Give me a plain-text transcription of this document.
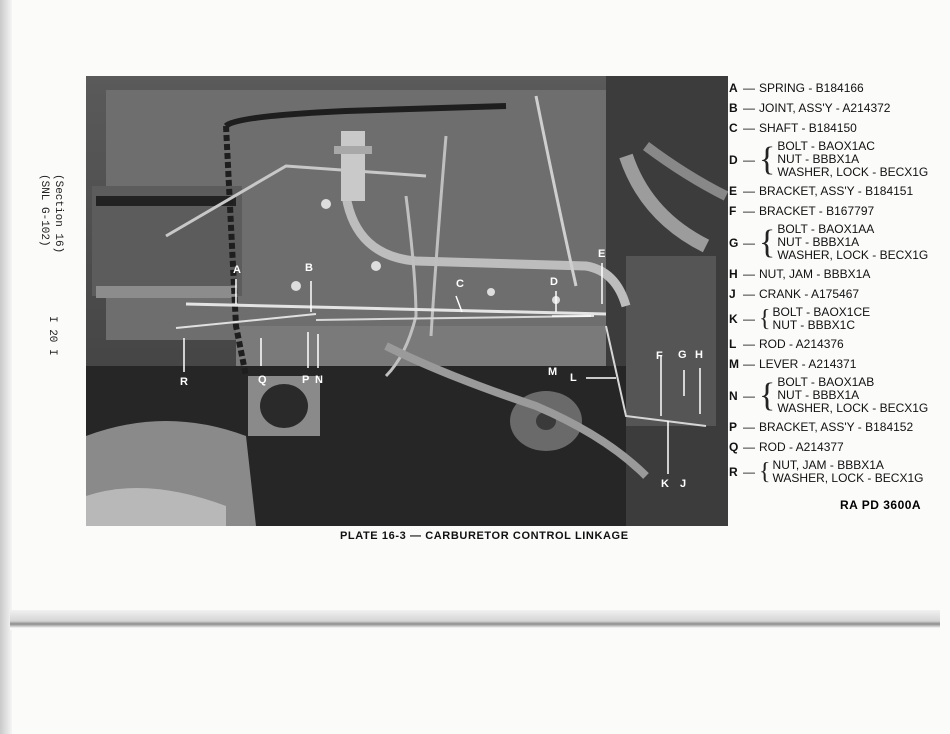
(Section 16)
(SNL G-102)
I 20 I
A	B
C	D
E
F G H
J
K
L
M
N
P
Q
R
A — SPRING - B184166
B — JOINT, ASS'Y - A214372
C — SHAFT - B184150
D — { BOLT - BAOX1AC
NUT - BBBX1A
WASHER, LOCK - BECX1G
E — BRACKET, ASS'Y - B184151
F — BRACKET - B167797
G — { BOLT - BAOX1AA
NUT - BBBX1A
WASHER, LOCK - BECX1G
H — NUT, JAM - BBBX1A
J — CRANK - A175467
K — { BOLT - BAOX1CE
NUT - BBBX1C
L — ROD - A214376
M — LEVER - A214371
N — { BOLT - BAOX1AB
NUT - BBBX1A
WASHER, LOCK - BECX1G
P — BRACKET, ASS'Y - B184152
Q — ROD - A214377
R — { NUT, JAM - BBBX1A
WASHER, LOCK - BECX1G
RA PD 3600A
PLATE 16-3 — CARBURETOR CONTROL LINKAGE
